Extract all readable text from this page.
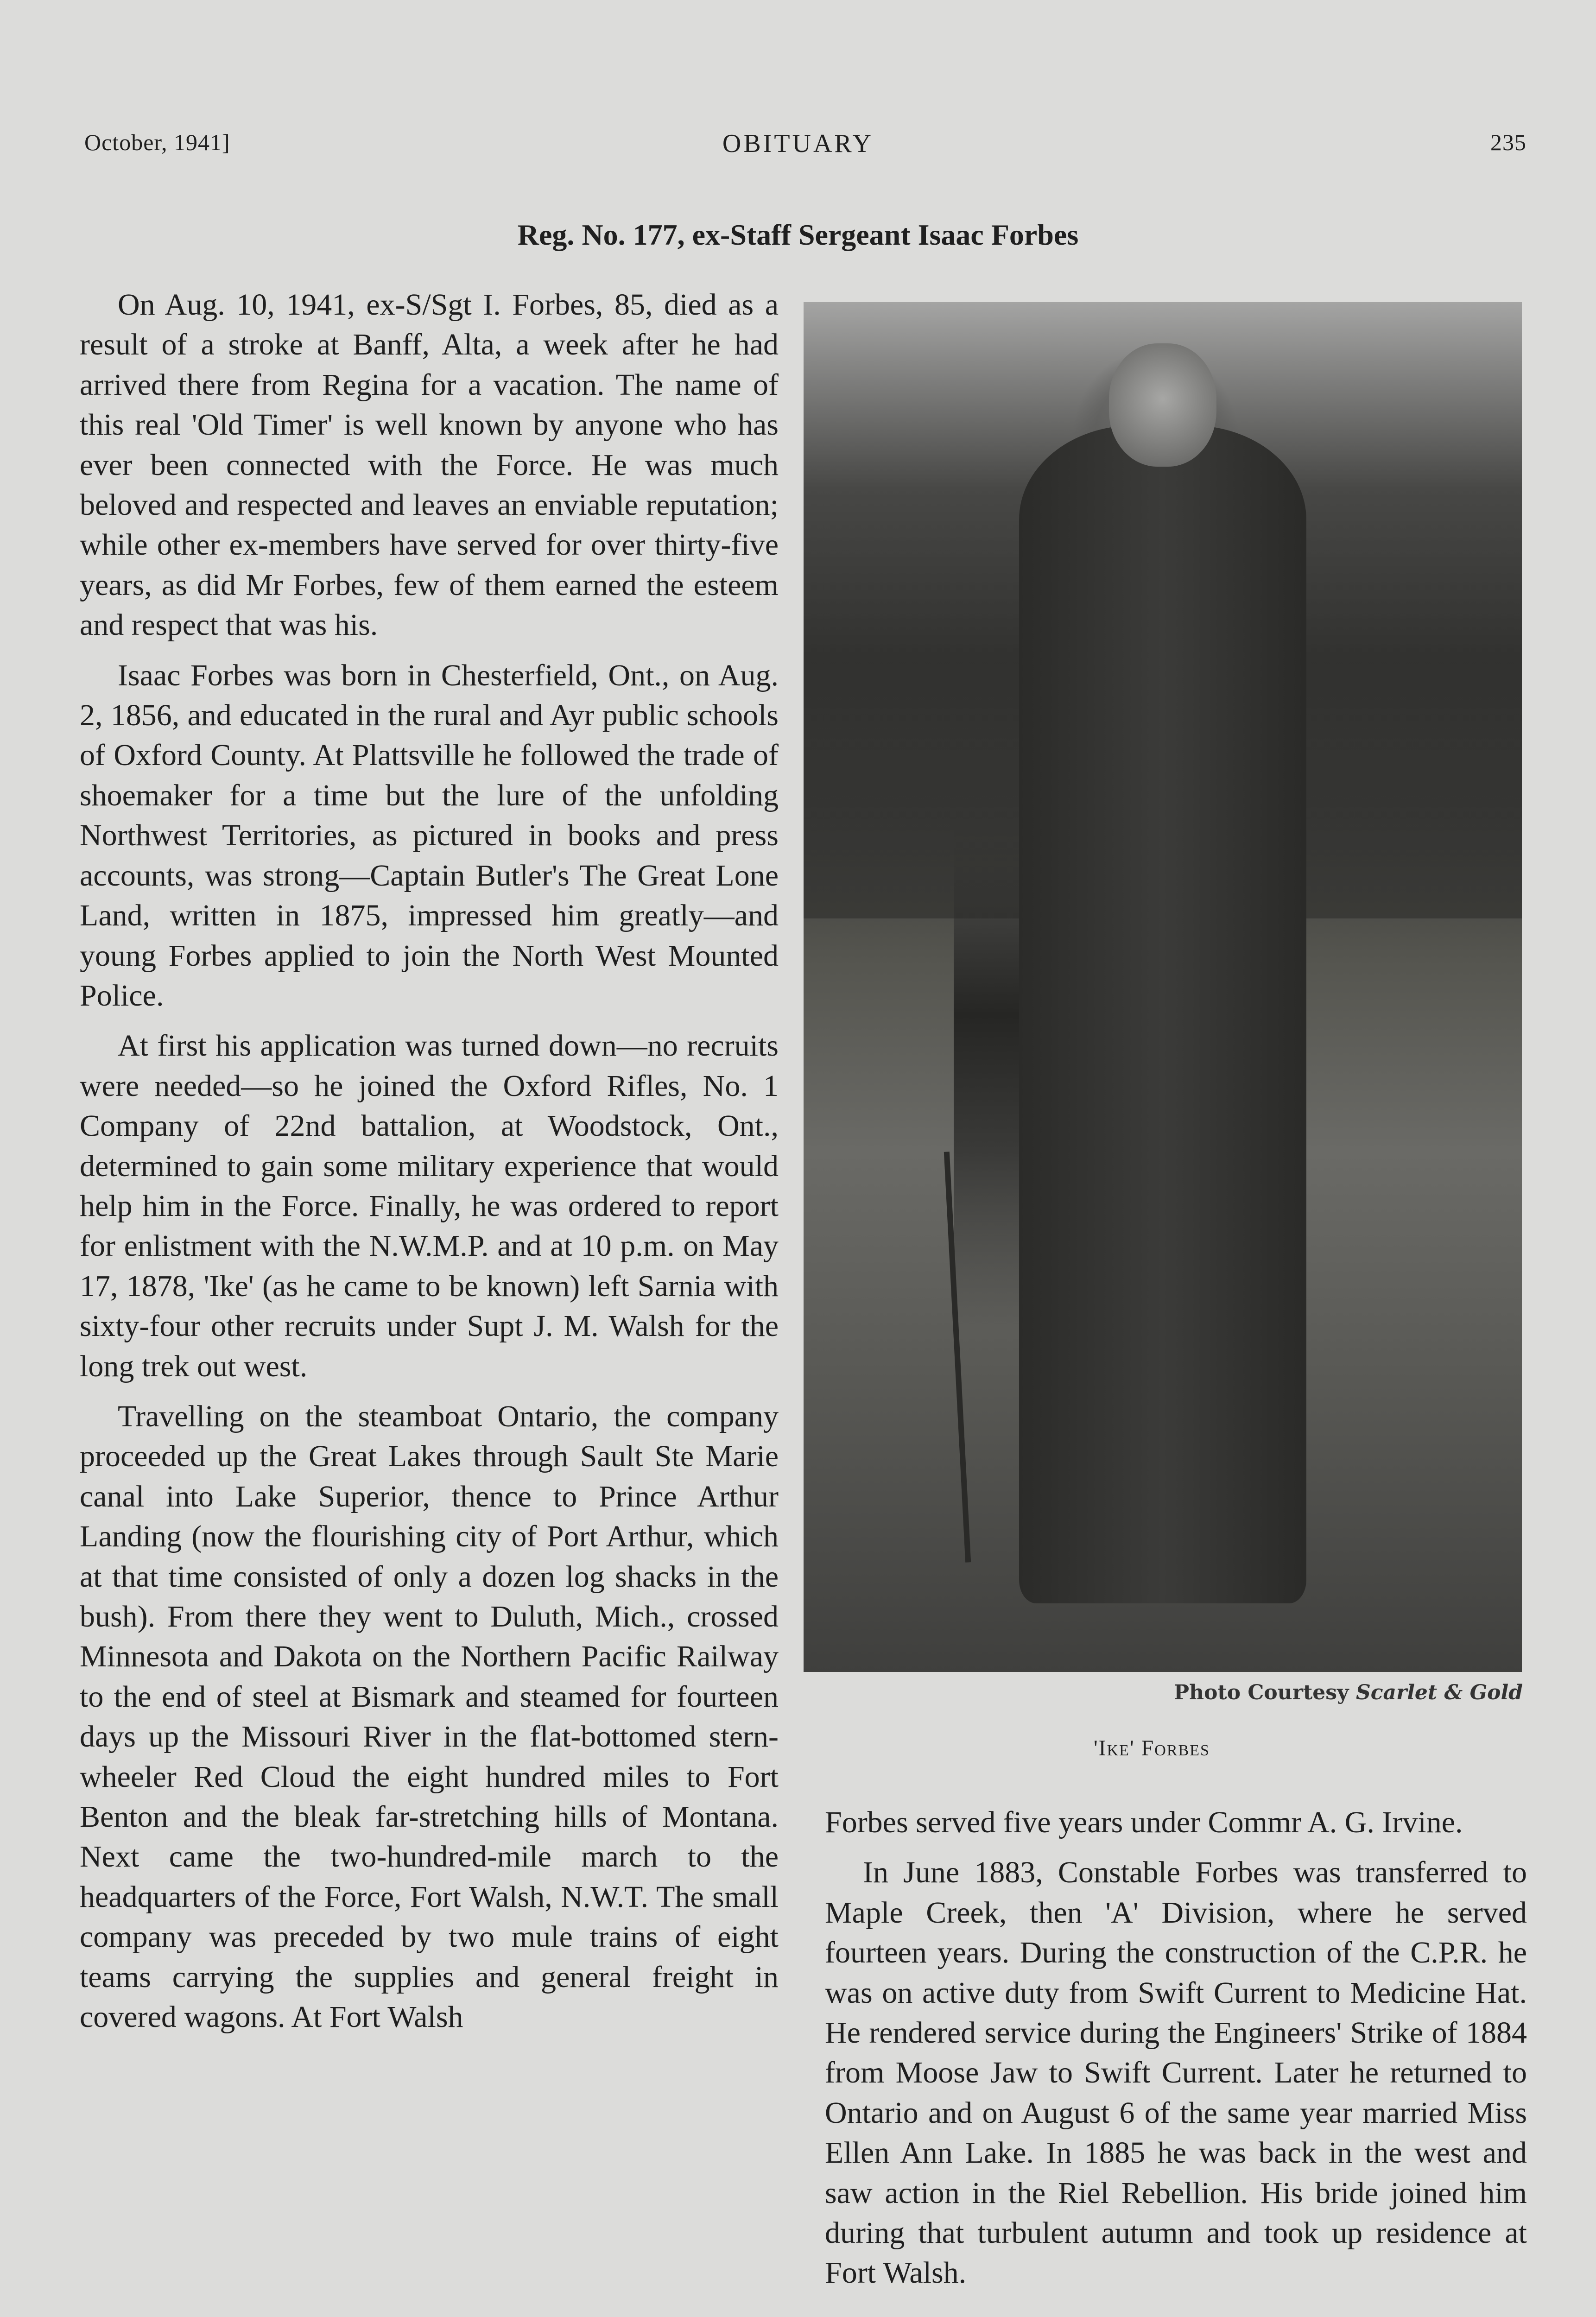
October, 1941]	OBITUARY	235
Reg. No. 177, ex-Staff Sergeant Isaac Forbes

On Aug. 10, 1941, ex-S/Sgt I. Forbes, 85, died as a result of a stroke at Banff, Alta, a week after he had arrived there from Regina for a vacation. The name of this real 'Old Timer' is well known by anyone who has ever been connected with the Force. He was much beloved and respected and leaves an enviable reputation; while other ex-members have served for over thirty-five years, as did Mr Forbes, few of them earned the esteem and respect that was his.

Isaac Forbes was born in Chesterfield, Ont., on Aug. 2, 1856, and educated in the rural and Ayr public schools of Oxford County. At Plattsville he followed the trade of shoemaker for a time but the lure of the unfolding Northwest Territories, as pictured in books and press accounts, was strong—Captain Butler's The Great Lone Land, written in 1875, impressed him greatly—and young Forbes applied to join the North West Mounted Police.

At first his application was turned down—no recruits were needed—so he joined the Oxford Rifles, No. 1 Company of 22nd battalion, at Woodstock, Ont., determined to gain some military experience that would help him in the Force. Finally, he was ordered to report for enlistment with the N.W.M.P. and at 10 p.m. on May 17, 1878, 'Ike' (as he came to be known) left Sarnia with sixty-four other recruits under Supt J. M. Walsh for the long trek out west.

Travelling on the steamboat Ontario, the company proceeded up the Great Lakes through Sault Ste Marie canal into Lake Superior, thence to Prince Arthur Landing (now the flourishing city of Port Arthur, which at that time consisted of only a dozen log shacks in the bush). From there they went to Duluth, Mich., crossed Minnesota and Dakota on the Northern Pacific Railway to the end of steel at Bismark and steamed for fourteen days up the Missouri River in the flat-bottomed stern-wheeler Red Cloud the eight hundred miles to Fort Benton and the bleak far-stretching hills of Montana. Next came the two-hundred-mile march to the headquarters of the Force, Fort Walsh, N.W.T. The small company was preceded by two mule trains of eight teams carrying the supplies and general freight in covered wagons. At Fort Walsh

Photo Courtesy Scarlet & Gold
'Ike' Forbes

Forbes served five years under Commr A. G. Irvine.

In June 1883, Constable Forbes was transferred to Maple Creek, then 'A' Division, where he served fourteen years. During the construction of the C.P.R. he was on active duty from Swift Current to Medicine Hat. He rendered service during the Engineers' Strike of 1884 from Moose Jaw to Swift Current. Later he returned to Ontario and on August 6 of the same year married Miss Ellen Ann Lake. In 1885 he was back in the west and saw action in the Riel Rebellion. His bride joined him during that turbulent autumn and took up residence at Fort Walsh.
